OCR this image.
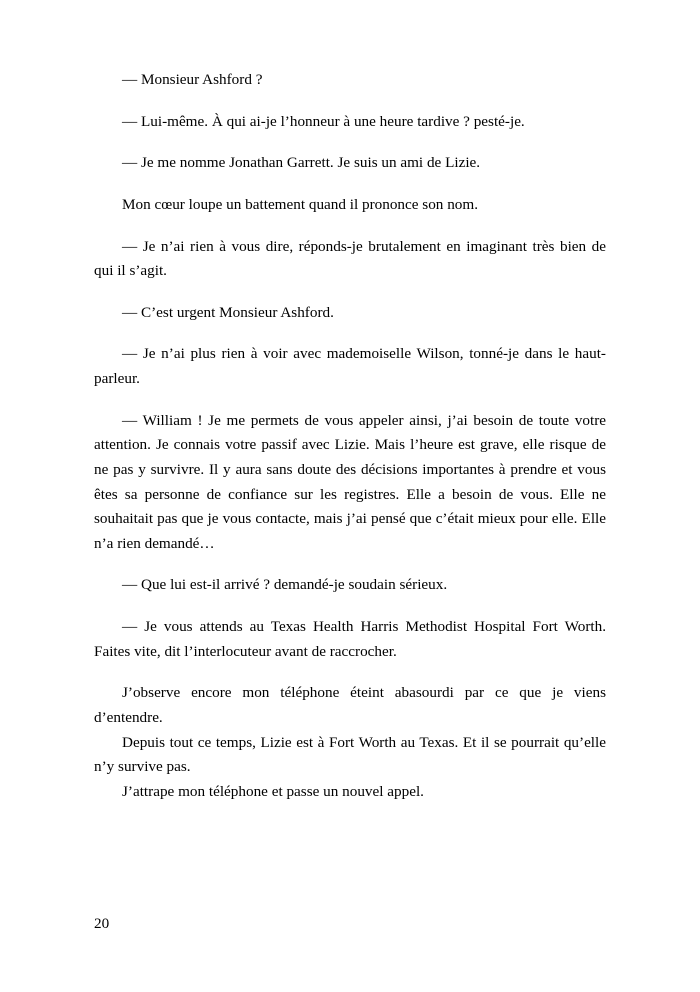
— Monsieur Ashford ?

— Lui-même. À qui ai-je l’honneur à une heure tardive ? pesté-je.

— Je me nomme Jonathan Garrett. Je suis un ami de Lizie.

Mon cœur loupe un battement quand il prononce son nom.

— Je n’ai rien à vous dire, réponds-je brutalement en imaginant très bien de qui il s’agit.

— C’est urgent Monsieur Ashford.

— Je n’ai plus rien à voir avec mademoiselle Wilson, tonné-je dans le haut-parleur.

— William ! Je me permets de vous appeler ainsi, j’ai besoin de toute votre attention. Je connais votre passif avec Lizie. Mais l’heure est grave, elle risque de ne pas y survivre. Il y aura sans doute des décisions importantes à prendre et vous êtes sa personne de confiance sur les registres. Elle a besoin de vous. Elle ne souhaitait pas que je vous contacte, mais j’ai pensé que c’était mieux pour elle. Elle n’a rien demandé…

— Que lui est-il arrivé ? demandé-je soudain sérieux.

— Je vous attends au Texas Health Harris Methodist Hospital Fort Worth. Faites vite, dit l’interlocuteur avant de raccrocher.

J’observe encore mon téléphone éteint abasourdi par ce que je viens d’entendre.

Depuis tout ce temps, Lizie est à Fort Worth au Texas. Et il se pourrait qu’elle n’y survive pas.

J’attrape mon téléphone et passe un nouvel appel.

20
